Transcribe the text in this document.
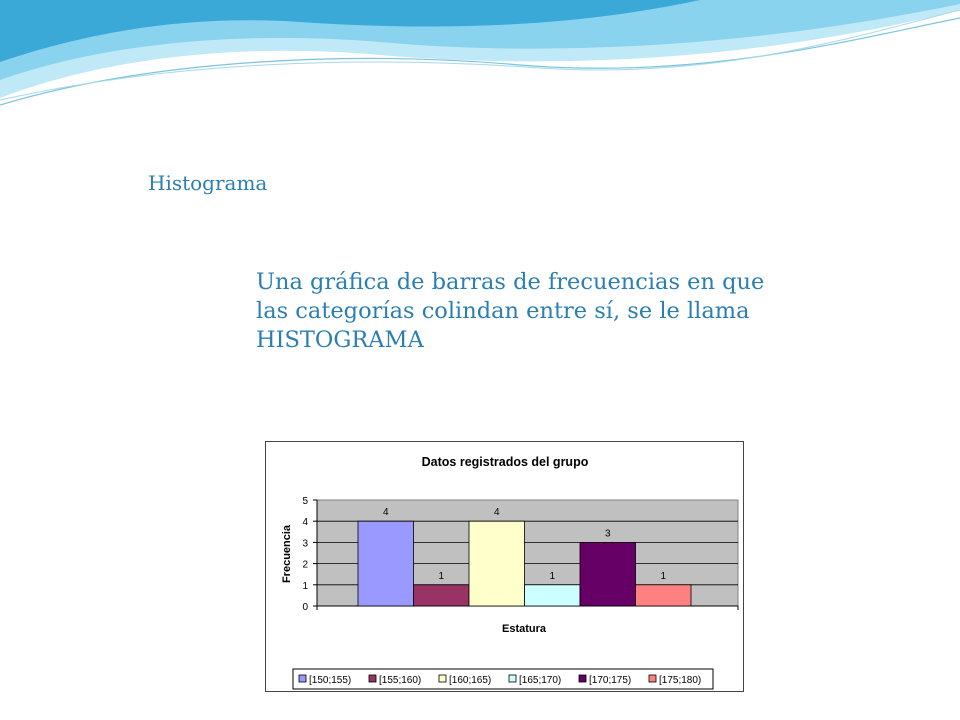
Histograma
Una gráfica de barras de frecuencias en que las categorías colindan entre sí, se le llama HISTOGRAMA
Datos registrados del grupo
Frecuencia
Estatura
0
1
2
3
4
5
4
1
4
1
3
1
[150;155)	[155;160)	[160;165)	[165;170)	[170;175)	[175;180)
